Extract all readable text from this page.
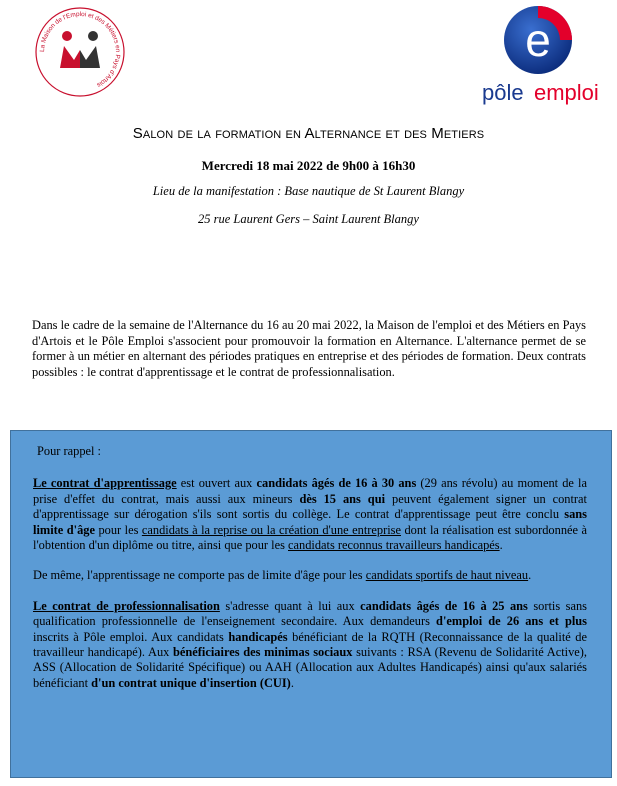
La Maison de l'Emploi et des Métiers en Pays d'Artois
e
pôle emploi
Salon de la formation en Alternance et des Metiers
Mercredi 18 mai 2022 de 9h00 à 16h30
Lieu de la manifestation : Base nautique de St Laurent Blangy
25 rue Laurent Gers – Saint Laurent Blangy
Dans le cadre de la semaine de l'Alternance du 16 au 20 mai 2022, la Maison de l'emploi et des Métiers en Pays d'Artois et le Pôle Emploi s'associent pour promouvoir la formation en Alternance. L'alternance permet de se former à un métier en alternant des périodes pratiques en entreprise et des périodes de formation. Deux contrats possibles : le contrat d'apprentissage et le contrat de professionnalisation.

Pour rappel :

Le contrat d'apprentissage est ouvert aux candidats âgés de 16 à 30 ans (29 ans révolu) au moment de la prise d'effet du contrat, mais aussi aux mineurs dès 15 ans qui peuvent également signer un contrat d'apprentissage sur dérogation s'ils sont sortis du collège. Le contrat d'apprentissage peut être conclu sans limite d'âge pour les candidats à la reprise ou la création d'une entreprise dont la réalisation est subordonnée à l'obtention d'un diplôme ou titre, ainsi que pour les candidats reconnus travailleurs handicapés.

De même, l'apprentissage ne comporte pas de limite d'âge pour les candidats sportifs de haut niveau.

Le contrat de professionnalisation s'adresse quant à lui aux candidats âgés de 16 à 25 ans sortis sans qualification professionnelle de l'enseignement secondaire. Aux demandeurs d'emploi de 26 ans et plus inscrits à Pôle emploi. Aux candidats handicapés bénéficiant de la RQTH (Reconnaissance de la qualité de travailleur handicapé). Aux bénéficiaires des minimas sociaux suivants : RSA (Revenu de Solidarité Active), ASS (Allocation de Solidarité Spécifique) ou AAH (Allocation aux Adultes Handicapés) ainsi qu'aux salariés bénéficiant d'un contrat unique d'insertion (CUI).
